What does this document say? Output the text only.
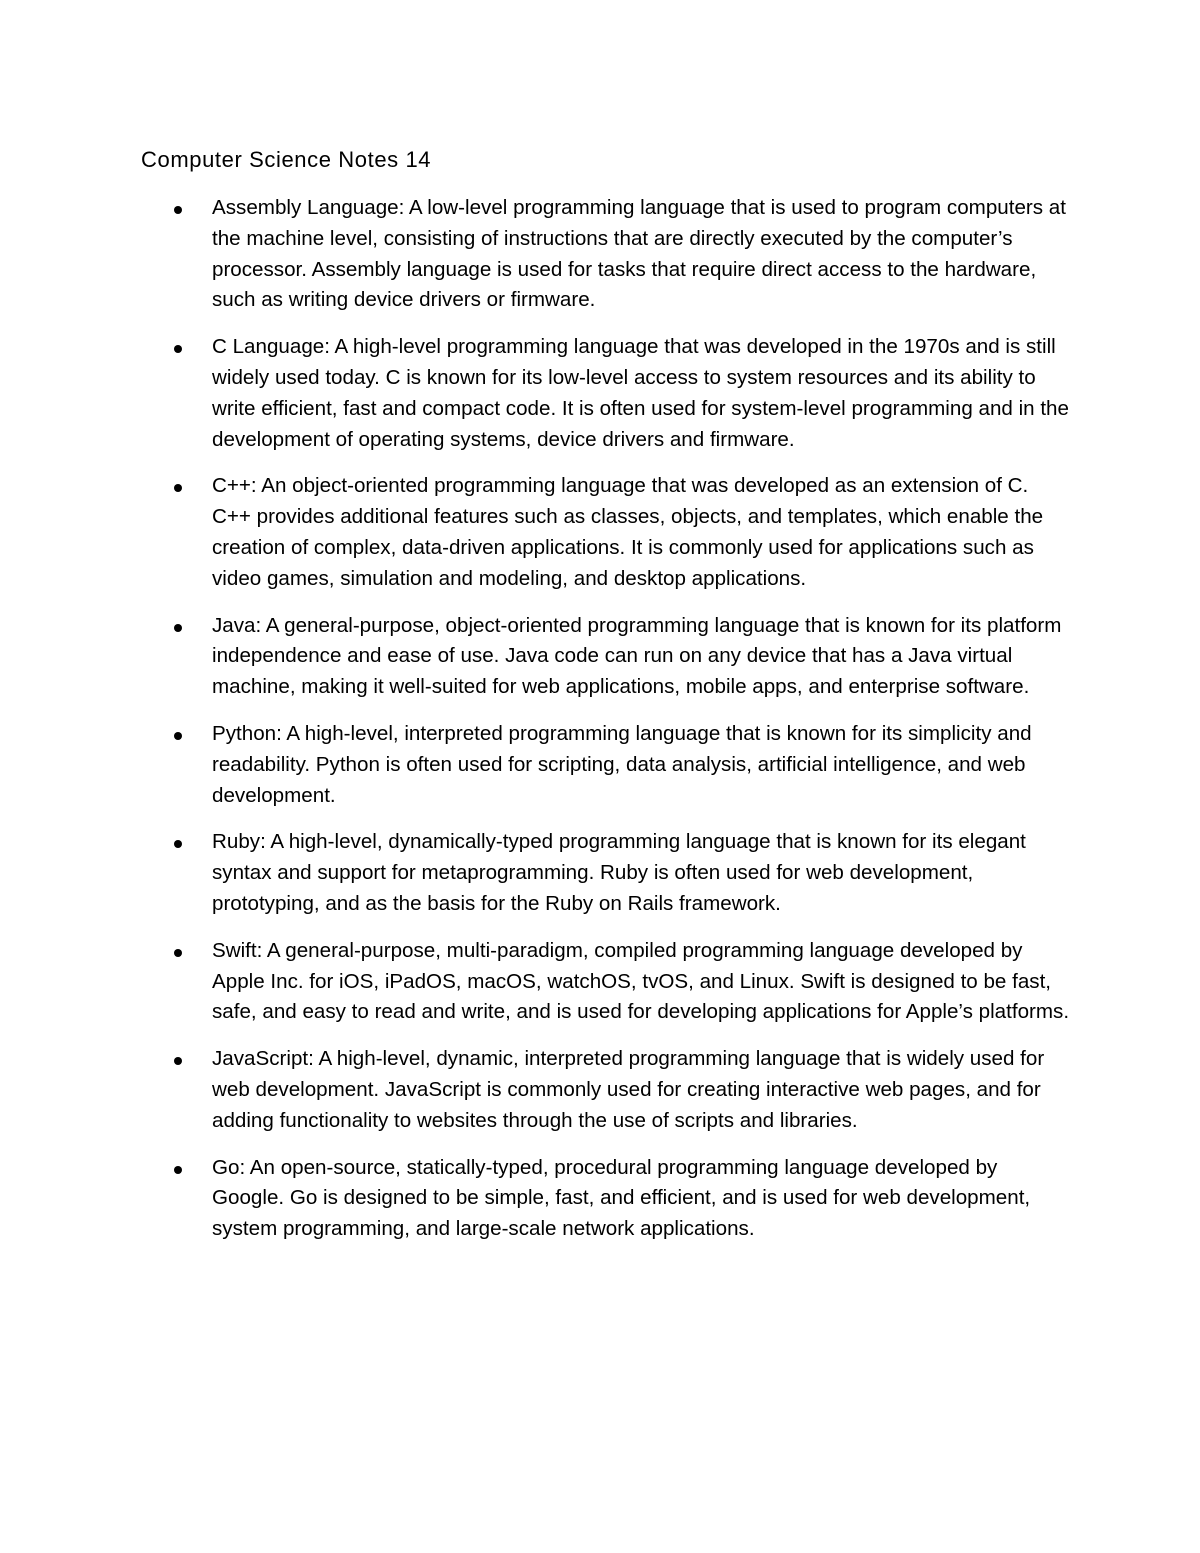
Computer Science Notes 14
Assembly Language: A low-level programming language that is used to program computers at the machine level, consisting of instructions that are directly executed by the computer’s processor. Assembly language is used for tasks that require direct access to the hardware, such as writing device drivers or firmware.
C Language: A high-level programming language that was developed in the 1970s and is still widely used today. C is known for its low-level access to system resources and its ability to write efficient, fast and compact code. It is often used for system-level programming and in the development of operating systems, device drivers and firmware.
C++: An object-oriented programming language that was developed as an extension of C. C++ provides additional features such as classes, objects, and templates, which enable the creation of complex, data-driven applications. It is commonly used for applications such as video games, simulation and modeling, and desktop applications.
Java: A general-purpose, object-oriented programming language that is known for its platform independence and ease of use. Java code can run on any device that has a Java virtual machine, making it well-suited for web applications, mobile apps, and enterprise software.
Python: A high-level, interpreted programming language that is known for its simplicity and readability. Python is often used for scripting, data analysis, artificial intelligence, and web development.
Ruby: A high-level, dynamically-typed programming language that is known for its elegant syntax and support for metaprogramming. Ruby is often used for web development, prototyping, and as the basis for the Ruby on Rails framework.
Swift: A general-purpose, multi-paradigm, compiled programming language developed by Apple Inc. for iOS, iPadOS, macOS, watchOS, tvOS, and Linux. Swift is designed to be fast, safe, and easy to read and write, and is used for developing applications for Apple’s platforms.
JavaScript: A high-level, dynamic, interpreted programming language that is widely used for web development. JavaScript is commonly used for creating interactive web pages, and for adding functionality to websites through the use of scripts and libraries.
Go: An open-source, statically-typed, procedural programming language developed by Google. Go is designed to be simple, fast, and efficient, and is used for web development, system programming, and large-scale network applications.
